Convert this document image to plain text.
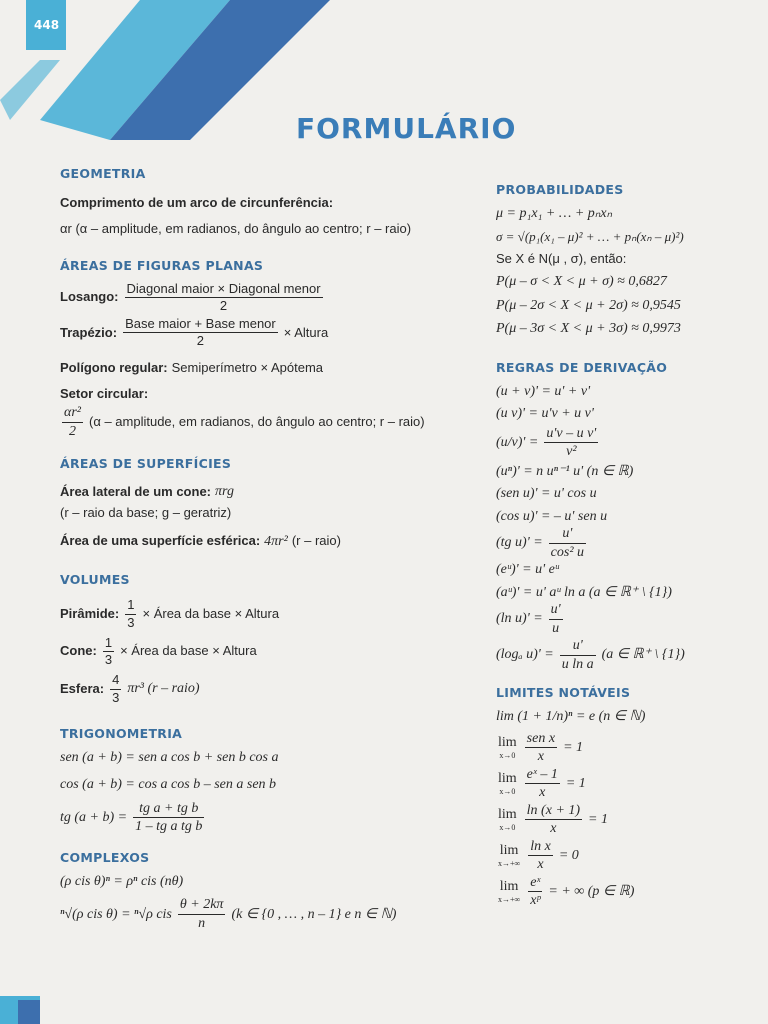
448
FORMULÁRIO
GEOMETRIA

Comprimento de um arco de circunferência:

αr (α – amplitude, em radianos, do ângulo ao centro; r – raio)

ÁREAS DE FIGURAS PLANAS
Losango: $\frac{\text{Diagonal maior × Diagonal menor}}{2}$
Trapézio: $\frac{\text{Base maior + Base menor}}{2}$ × Altura
Polígono regular: Semiperímetro × Apótema

Setor circular:

$\frac{\text{αr²}}{2} (\alpha$ – amplitude, em radianos, do ângulo ao centro; r – raio)
ÁREAS DE SUPERFÍCIES
Área lateral de um cone: πrg

(r – raio da base; g – geratriz)

Área de uma superfície esférica: 4πr² (r – raio)
VOLUMES
Pirâmide: $\frac{1}{3}$ × Área da base × Altura
Cone: $\frac{1}{3}$ × Área da base × Altura
Esfera: $\frac{4}{3} \pi r^3$ (r – raio)
TRIGONOMETRIA

sen (a + b) = sen a cos b + sen b cos a

cos (a + b) = cos a cos b – sen a sen b

tg $(a + b) = \frac{\text{tg a + tg b}}{\text{1 – tg a tg b}}$
COMPLEXOS

(ρ cis θ)ⁿ = ρⁿ cis (nθ)

ⁿ√(ρ cis θ) = ⁿ√ρ cis $\frac{\theta + 2k\pi}{n} (k$ ∈ {0 , … , n – 1} e n ∈ ℕ)
PROBABILIDADES

μ = p₁x₁ + … + pₙxₙ

σ = √(p₁(x₁ – μ)² + … + pₙ(xₙ – μ)²)

Se X é N(μ , σ), então:

P(μ – σ < X < μ + σ) ≈ 0,6827

P(μ – 2σ < X < μ + 2σ) ≈ 0,9545

P(μ – 3σ < X < μ + 3σ) ≈ 0,9973

REGRAS DE DERIVAÇÃO

(u + v)' = u' + v'

(u v)' = u'v + u v'

$(u/v)' = \frac{\text{u'v – u v'}}{\text{v²}}$

(uⁿ)' = n uⁿ⁻¹ u' (n ∈ ℝ)

(sen u)' = u' cos u

(cos u)' = – u' sen u

(tg $u)' = \frac{u'}{\text{cos² u}}$

(eᵘ)' = u' eᵘ

(aᵘ)' = u' aᵘ ln a (a ∈ ℝ⁺ \ {1})

(ln $u)' = \frac{u'}{u}$
(logₐ $u)' = \frac{u'}{\text{u ln a}} (a$ ∈ ℝ⁺ \ {1})
LIMITES NOTÁVEIS

lim (1 + 1/n)ⁿ = e (n ∈ ℕ)

lim
$x\to 0 \frac{\text{sen x}}{x} = 1$
lim
$x\to 0 \frac{\text{eˣ – 1}}{x} = 1$
lim
$x\to 0 \frac{\ln (x + 1)}{x} = 1$
lim
$x\to+\infty \frac{\text{ln x}}{x} = 0$
lim
$x\to+\infty \frac{\text{eˣ}}{\text{xᵖ}}$ = + ∞ (p ∈ ℝ)
